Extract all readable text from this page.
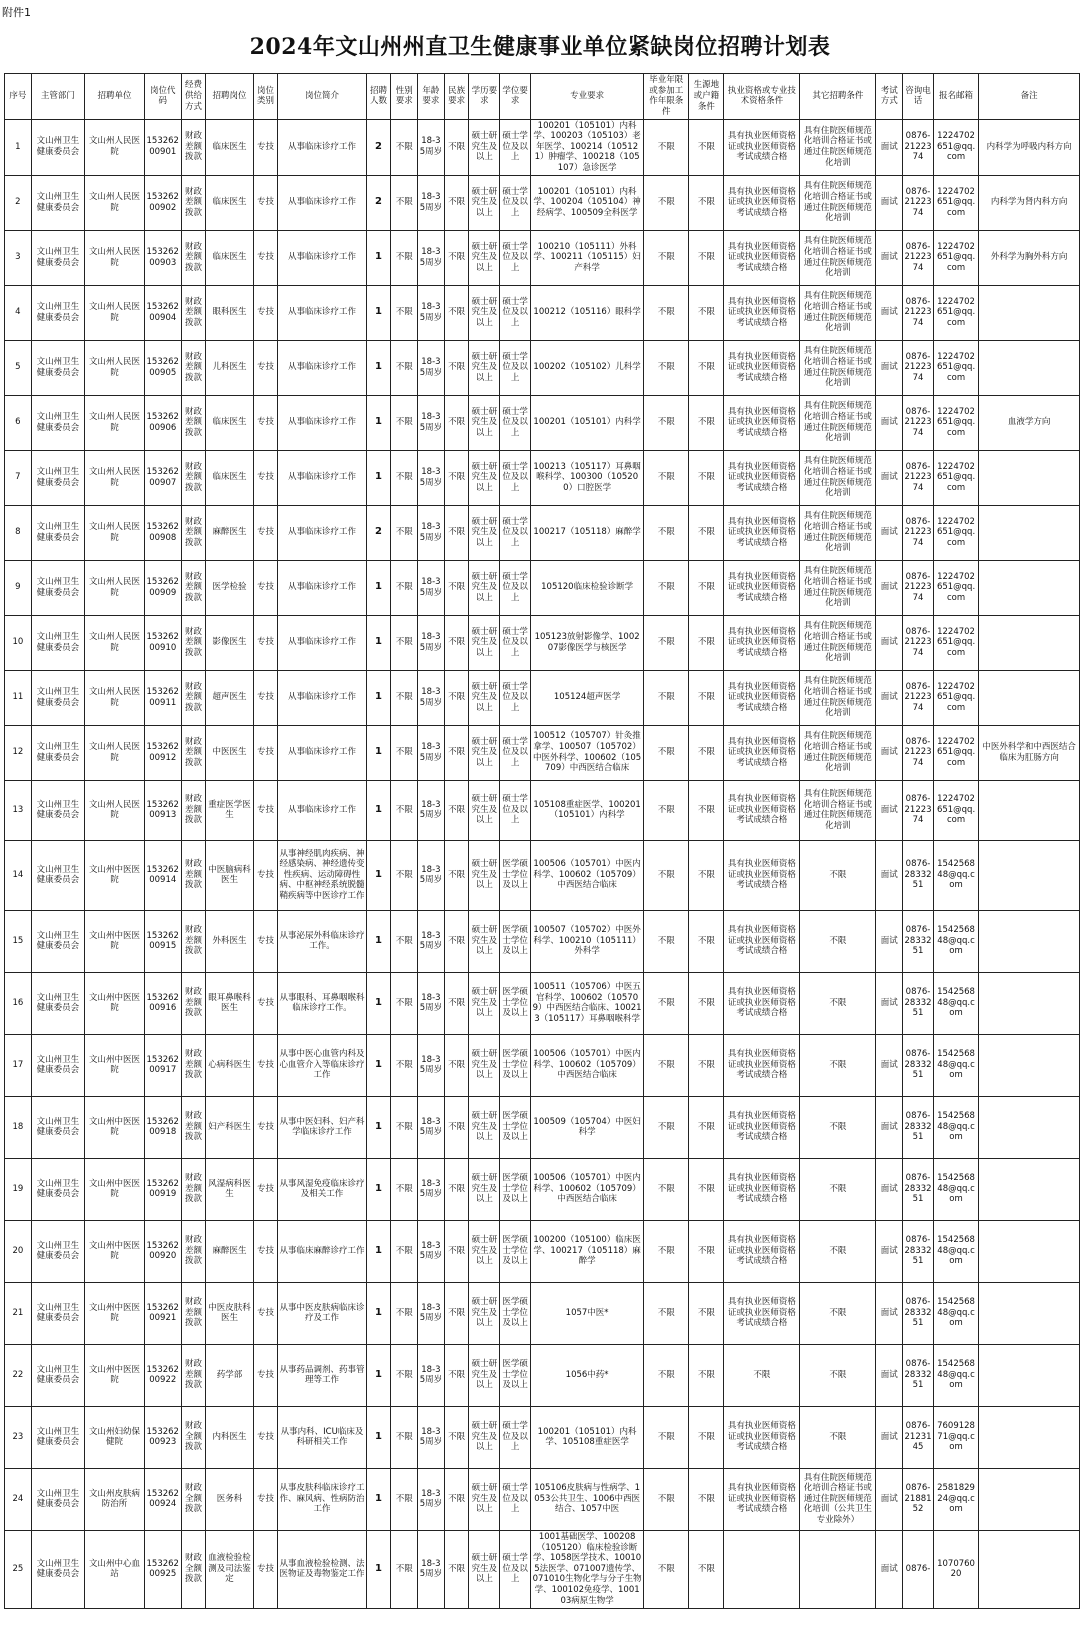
附件1
2024年文山州州直卫生健康事业单位紧缺岗位招聘计划表
序号	主管部门	招聘单位	岗位代码	经费供给方式	招聘岗位	岗位类别	岗位简介	招聘人数	性别要求	年龄要求	民族要求	学历要求	学位要求	专业要求	毕业年限或参加工作年限条件	生源地或户籍条件	执业资格或专业技术资格条件	其它招聘条件	考试方式	咨询电话	报名邮箱	备注
1	文山州卫生健康委员会	文山州人民医院	15326200901	财政差额拨款	临床医生	专技	从事临床诊疗工作	2	不限	18-35周岁	不限	硕士研究生及以上	硕士学位及以上	100201（105101）内科学、100203（105103）老年医学、100214（105121）肿瘤学、100218（105107）急诊医学	不限	不限	具有执业医师资格证或执业医师资格考试成绩合格	具有住院医师规范化培训合格证书或通过住院医师规范化培训	面试	0876-2122374	1224702651@qq.com	内科学为呼吸内科方向
2	文山州卫生健康委员会	文山州人民医院	15326200902	财政差额拨款	临床医生	专技	从事临床诊疗工作	2	不限	18-35周岁	不限	硕士研究生及以上	硕士学位及以上	100201（105101）内科学、100204（105104）神经病学、100509全科医学	不限	不限	具有执业医师资格证或执业医师资格考试成绩合格	具有住院医师规范化培训合格证书或通过住院医师规范化培训	面试	0876-2122374	1224702651@qq.com	内科学为肾内科方向
3	文山州卫生健康委员会	文山州人民医院	15326200903	财政差额拨款	临床医生	专技	从事临床诊疗工作	1	不限	18-35周岁	不限	硕士研究生及以上	硕士学位及以上	100210（105111）外科学、100211（105115）妇产科学	不限	不限	具有执业医师资格证或执业医师资格考试成绩合格	具有住院医师规范化培训合格证书或通过住院医师规范化培训	面试	0876-2122374	1224702651@qq.com	外科学为胸外科方向
4	文山州卫生健康委员会	文山州人民医院	15326200904	财政差额拨款	眼科医生	专技	从事临床诊疗工作	1	不限	18-35周岁	不限	硕士研究生及以上	硕士学位及以上	100212（105116）眼科学	不限	不限	具有执业医师资格证或执业医师资格考试成绩合格	具有住院医师规范化培训合格证书或通过住院医师规范化培训	面试	0876-2122374	1224702651@qq.com	
5	文山州卫生健康委员会	文山州人民医院	15326200905	财政差额拨款	儿科医生	专技	从事临床诊疗工作	1	不限	18-35周岁	不限	硕士研究生及以上	硕士学位及以上	100202（105102）儿科学	不限	不限	具有执业医师资格证或执业医师资格考试成绩合格	具有住院医师规范化培训合格证书或通过住院医师规范化培训	面试	0876-2122374	1224702651@qq.com	
6	文山州卫生健康委员会	文山州人民医院	15326200906	财政差额拨款	临床医生	专技	从事临床诊疗工作	1	不限	18-35周岁	不限	硕士研究生及以上	硕士学位及以上	100201（105101）内科学	不限	不限	具有执业医师资格证或执业医师资格考试成绩合格	具有住院医师规范化培训合格证书或通过住院医师规范化培训	面试	0876-2122374	1224702651@qq.com	血液学方向
7	文山州卫生健康委员会	文山州人民医院	15326200907	财政差额拨款	临床医生	专技	从事临床诊疗工作	1	不限	18-35周岁	不限	硕士研究生及以上	硕士学位及以上	100213（105117）耳鼻咽喉科学、100300（105200）口腔医学	不限	不限	具有执业医师资格证或执业医师资格考试成绩合格	具有住院医师规范化培训合格证书或通过住院医师规范化培训	面试	0876-2122374	1224702651@qq.com	
8	文山州卫生健康委员会	文山州人民医院	15326200908	财政差额拨款	麻醉医生	专技	从事临床诊疗工作	2	不限	18-35周岁	不限	硕士研究生及以上	硕士学位及以上	100217（105118）麻醉学	不限	不限	具有执业医师资格证或执业医师资格考试成绩合格	具有住院医师规范化培训合格证书或通过住院医师规范化培训	面试	0876-2122374	1224702651@qq.com	
9	文山州卫生健康委员会	文山州人民医院	15326200909	财政差额拨款	医学检验	专技	从事临床诊疗工作	1	不限	18-35周岁	不限	硕士研究生及以上	硕士学位及以上	105120临床检验诊断学	不限	不限	具有执业医师资格证或执业医师资格考试成绩合格	具有住院医师规范化培训合格证书或通过住院医师规范化培训	面试	0876-2122374	1224702651@qq.com	
10	文山州卫生健康委员会	文山州人民医院	15326200910	财政差额拨款	影像医生	专技	从事临床诊疗工作	1	不限	18-35周岁	不限	硕士研究生及以上	硕士学位及以上	105123放射影像学、100207影像医学与核医学	不限	不限	具有执业医师资格证或执业医师资格考试成绩合格	具有住院医师规范化培训合格证书或通过住院医师规范化培训	面试	0876-2122374	1224702651@qq.com	
11	文山州卫生健康委员会	文山州人民医院	15326200911	财政差额拨款	超声医生	专技	从事临床诊疗工作	1	不限	18-35周岁	不限	硕士研究生及以上	硕士学位及以上	105124超声医学	不限	不限	具有执业医师资格证或执业医师资格考试成绩合格	具有住院医师规范化培训合格证书或通过住院医师规范化培训	面试	0876-2122374	1224702651@qq.com	
12	文山州卫生健康委员会	文山州人民医院	15326200912	财政差额拨款	中医医生	专技	从事临床诊疗工作	1	不限	18-35周岁	不限	硕士研究生及以上	硕士学位及以上	100512（105707）针灸推拿学、100507（105702）中医外科学、100602（105709）中西医结合临床	不限	不限	具有执业医师资格证或执业医师资格考试成绩合格	具有住院医师规范化培训合格证书或通过住院医师规范化培训	面试	0876-2122374	1224702651@qq.com	中医外科学和中西医结合临床为肛肠方向
13	文山州卫生健康委员会	文山州人民医院	15326200913	财政差额拨款	重症医学医生	专技	从事临床诊疗工作	1	不限	18-35周岁	不限	硕士研究生及以上	硕士学位及以上	105108重症医学、100201（105101）内科学	不限	不限	具有执业医师资格证或执业医师资格考试成绩合格	具有住院医师规范化培训合格证书或通过住院医师规范化培训	面试	0876-2122374	1224702651@qq.com	
14	文山州卫生健康委员会	文山州中医医院	15326200914	财政差额拨款	中医脑病科医生	专技	从事神经肌肉疾病、神经感染病、神经遗传变性疾病、运动障碍性病、中枢神经系统脱髓鞘疾病等中医诊疗工作	1	不限	18-35周岁	不限	硕士研究生及以上	医学硕士学位及以上	100506（105701）中医内科学、100602（105709）中西医结合临床	不限	不限	具有执业医师资格证或执业医师资格考试成绩合格	不限	面试	0876-2833251	154256848@qq.com	
15	文山州卫生健康委员会	文山州中医医院	15326200915	财政差额拨款	外科医生	专技	从事泌尿外科临床诊疗工作。	1	不限	18-35周岁	不限	硕士研究生及以上	医学硕士学位及以上	100507（105702）中医外科学、100210（105111）外科学	不限	不限	具有执业医师资格证或执业医师资格考试成绩合格	不限	面试	0876-2833251	154256848@qq.com	
16	文山州卫生健康委员会	文山州中医医院	15326200916	财政差额拨款	眼耳鼻喉科医生	专技	从事眼科、耳鼻咽喉科临床诊疗工作。	1	不限	18-35周岁	不限	硕士研究生及以上	医学硕士学位及以上	100511（105706）中医五官科学、100602（105709）中西医结合临床、100213（105117）耳鼻咽喉科学	不限	不限	具有执业医师资格证或执业医师资格考试成绩合格	不限	面试	0876-2833251	154256848@qq.com	
17	文山州卫生健康委员会	文山州中医医院	15326200917	财政差额拨款	心病科医生	专技	从事中医心血管内科及心血管介入等临床诊疗工作	1	不限	18-35周岁	不限	硕士研究生及以上	医学硕士学位及以上	100506（105701）中医内科学、100602（105709）中西医结合临床	不限	不限	具有执业医师资格证或执业医师资格考试成绩合格	不限	面试	0876-2833251	154256848@qq.com	
18	文山州卫生健康委员会	文山州中医医院	15326200918	财政差额拨款	妇产科医生	专技	从事中医妇科、妇产科学临床诊疗工作	1	不限	18-35周岁	不限	硕士研究生及以上	医学硕士学位及以上	100509（105704）中医妇科学	不限	不限	具有执业医师资格证或执业医师资格考试成绩合格	不限	面试	0876-2833251	154256848@qq.com	
19	文山州卫生健康委员会	文山州中医医院	15326200919	财政差额拨款	风湿病科医生	专技	从事风湿免疫临床诊疗及相关工作	1	不限	18-35周岁	不限	硕士研究生及以上	医学硕士学位及以上	100506（105701）中医内科学、100602（105709）中西医结合临床	不限	不限	具有执业医师资格证或执业医师资格考试成绩合格	不限	面试	0876-2833251	154256848@qq.com	
20	文山州卫生健康委员会	文山州中医医院	15326200920	财政差额拨款	麻醉医生	专技	从事临床麻醉诊疗工作	1	不限	18-35周岁	不限	硕士研究生及以上	医学硕士学位及以上	100200（105100）临床医学、100217（105118）麻醉学	不限	不限	具有执业医师资格证或执业医师资格考试成绩合格	不限	面试	0876-2833251	154256848@qq.com	
21	文山州卫生健康委员会	文山州中医医院	15326200921	财政差额拨款	中医皮肤科医生	专技	从事中医皮肤病临床诊疗及工作	1	不限	18-35周岁	不限	硕士研究生及以上	医学硕士学位及以上	1057中医*	不限	不限	具有执业医师资格证或执业医师资格考试成绩合格	不限	面试	0876-2833251	154256848@qq.com	
22	文山州卫生健康委员会	文山州中医医院	15326200922	财政差额拨款	药学部	专技	从事药品调剂、药事管理等工作	1	不限	18-35周岁	不限	硕士研究生及以上	医学硕士学位及以上	1056中药*	不限	不限	不限	不限	面试	0876-2833251	154256848@qq.com	
23	文山州卫生健康委员会	文山州妇幼保健院	15326200923	财政全额拨款	内科医生	专技	从事内科、ICU临床及科研相关工作	1	不限	18-35周岁	不限	硕士研究生及以上	硕士学位及以上	100201（105101）内科学、105108重症医学	不限	不限	具有执业医师资格证或执业医师资格考试成绩合格	不限	面试	0876-2123145	760912871@qq.com	
24	文山州卫生健康委员会	文山州皮肤病防治所	15326200924	财政全额拨款	医务科	专技	从事皮肤科临床诊疗工作、麻风病、性病防治工作	1	不限	18-35周岁	不限	硕士研究生及以上	硕士学位及以上	105106皮肤病与性病学、1053公共卫生、1006中西医结合、1057中医	不限	不限	具有执业医师资格证或执业医师资格考试成绩合格	具有住院医师规范化培训合格证书或通过住院医师规范化培训（公共卫生专业除外）	面试	0876-2188152	258182924@qq.com	
25	文山州卫生健康委员会	文山州中心血站	15326200925	财政全额拨款	血液检验检测及司法鉴定	专技	从事血液检验检测、法医物证及毒物鉴定工作	1	不限	18-35周岁	不限	硕士研究生及以上	硕士学位及以上	1001基础医学、100208（105120）临床检验诊断学、1058医学技术、100105法医学、071007遗传学、071010生物化学与分子生物学、100102免疫学、100103病原生物学	不限	不限			面试	0876-	107076020	
